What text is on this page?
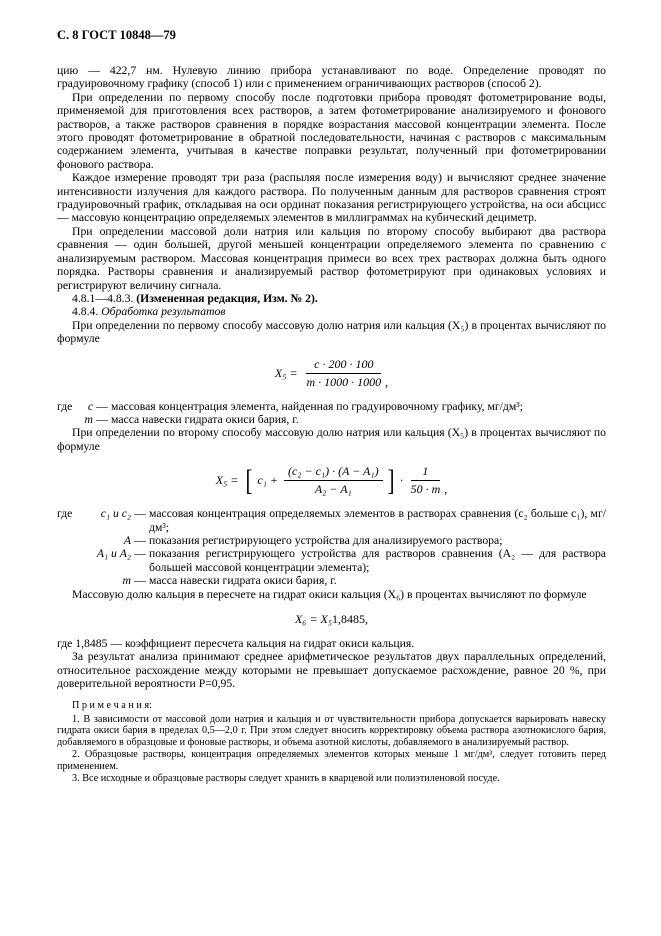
С. 8 ГОСТ 10848—79

цию — 422,7 нм. Нулевую линию прибора устанавливают по воде. Определение проводят по градуировочному графику (способ 1) или с применением ограничивающих растворов (способ 2).

При определении по первому способу после подготовки прибора проводят фотометрирование воды, применяемой для приготовления всех растворов, а затем фотометрирование анализируемого и фонового растворов, а также растворов сравнения в порядке возрастания массовой концентрации элемента. После этого проводят фотометрирование в обратной последовательности, начиная с растворов с максимальным содержанием элемента, учитывая в качестве поправки результат, полученный при фотометрировании фонового раствора.

Каждое измерение проводят три раза (распыляя после измерения воду) и вычисляют среднее значение интенсивности излучения для каждого раствора. По полученным данным для растворов сравнения строят градуировочный график, откладывая на оси ординат показания регистрирующего устройства, на оси абсцисс — массовую концентрацию определяемых элементов в миллиграммах на кубический дециметр.

При определении массовой доли натрия или кальция по второму способу выбирают два раствора сравнения — один большей, другой меньшей концентрации определяемого элемента по сравнению с анализируемым раствором. Массовая концентрация примеси во всех трех растворах должна быть одного порядка. Растворы сравнения и анализируемый раствор фотометрируют при одинаковых условиях и регистрируют величину сигнала.

4.8.1—4.8.3. (Измененная редакция, Изм. № 2).

4.8.4. Обработка результатов

При определении по первому способу массовую долю натрия или кальция (X₅) в процентах вычисляют по формуле

$X_5 = \frac{c \cdot 200 \cdot 100}{m \cdot 1000 \cdot 1000}$ ,
где	c — массовая концентрация элемента, найденная по градуировочному графику, мг/дм³;
m — масса навески гидрата окиси бария, г.

При определении по второму способу массовую долю натрия или кальция (X₅) в процентах вычисляют по формуле

X₅ = [ $c_1 + \frac{\text{(c₂ − c₁) · (A − A₁)}}{\text{A₂ − A₁}}$ ] · $\frac{1}{50 \cdot m}$ ,
где	c₁ и c₂ — массовая концентрация определяемых элементов в растворах сравнения (c₂ больше c₁), мг/дм³;
A — показания регистрирующего устройства для анализируемого раствора;
A₁ и A₂ — показания регистрирующего устройства для растворов сравнения (A₂ — для раствора большей массовой концентрации элемента);
m — масса навески гидрата окиси бария, г.

Массовую долю кальция в пересчете на гидрат окиси кальция (X₆) в процентах вычисляют по формуле

X₆ = X₅ 1,8485,

где 1,8485 — коэффициент пересчета кальция на гидрат окиси кальция.

За результат анализа принимают среднее арифметическое результатов двух параллельных определений, относительное расхождение между которыми не превышает допускаемое расхождение, равное 20 %, при доверительной вероятности P=0,95.

П р и м е ч а н и я:

1. В зависимости от массовой доли натрия и кальция и от чувствительности прибора допускается варьировать навеску гидрата окиси бария в пределах 0,5—2,0 г. При этом следует вносить корректировку объема раствора азотнокислого бария, добавляемого в образцовые и фоновые растворы, и объема азотной кислоты, добавляемого в анализируемый раствор.

2. Образцовые растворы, концентрация определяемых элементов которых меньше 1 мг/дм³, следует готовить перед применением.

3. Все исходные и образцовые растворы следует хранить в кварцевой или полиэтиленовой посуде.
